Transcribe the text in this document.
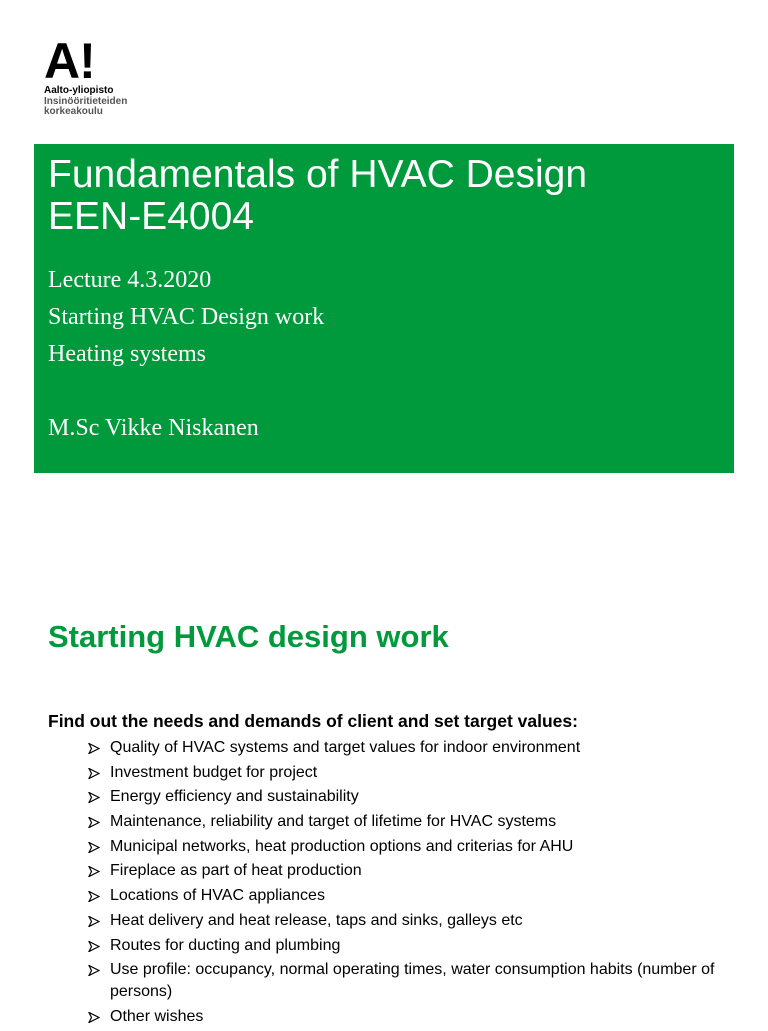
A!
Aalto-yliopisto
Insinööritieteiden
korkeakoulu
Fundamentals of HVAC Design
EEN-E4004

Lecture 4.3.2020

Starting HVAC Design work

Heating systems

M.Sc Vikke Niskanen

Starting HVAC design work

Find out the needs and demands of client and set target values:

Quality of HVAC systems and target values for indoor environment
Investment budget for project
Energy efficiency and sustainability
Maintenance, reliability and target of lifetime for HVAC systems
Municipal networks, heat production options and criterias for AHU
Fireplace as part of heat production
Locations of HVAC appliances
Heat delivery and heat release, taps and sinks, galleys etc
Routes for ducting and plumbing
Use profile: occupancy, normal operating times, water consumption habits (number of persons)
Other wishes
